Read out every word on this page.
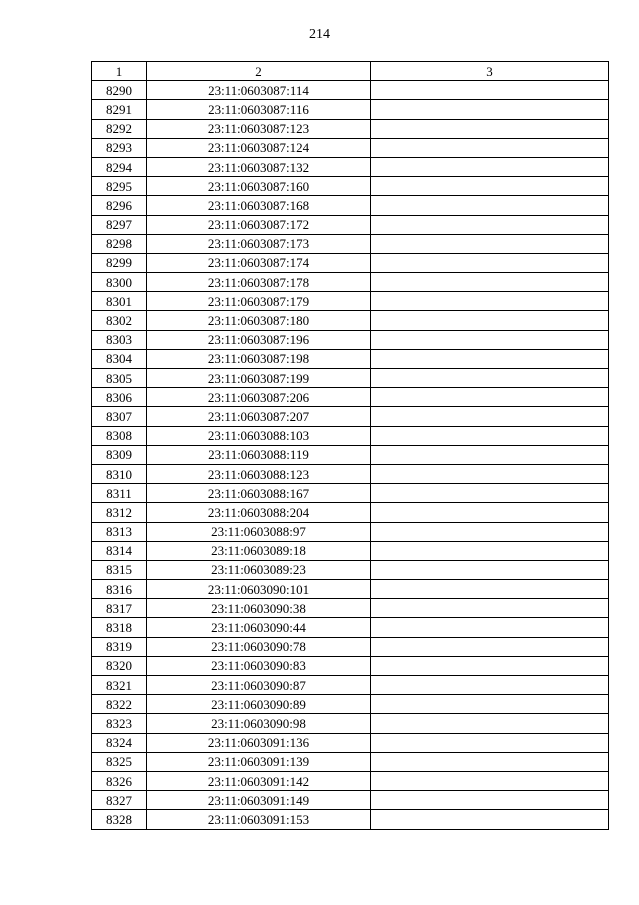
214
1	2	3
8290	23:11:0603087:114	
8291	23:11:0603087:116	
8292	23:11:0603087:123	
8293	23:11:0603087:124	
8294	23:11:0603087:132	
8295	23:11:0603087:160	
8296	23:11:0603087:168	
8297	23:11:0603087:172	
8298	23:11:0603087:173	
8299	23:11:0603087:174	
8300	23:11:0603087:178	
8301	23:11:0603087:179	
8302	23:11:0603087:180	
8303	23:11:0603087:196	
8304	23:11:0603087:198	
8305	23:11:0603087:199	
8306	23:11:0603087:206	
8307	23:11:0603087:207	
8308	23:11:0603088:103	
8309	23:11:0603088:119	
8310	23:11:0603088:123	
8311	23:11:0603088:167	
8312	23:11:0603088:204	
8313	23:11:0603088:97	
8314	23:11:0603089:18	
8315	23:11:0603089:23	
8316	23:11:0603090:101	
8317	23:11:0603090:38	
8318	23:11:0603090:44	
8319	23:11:0603090:78	
8320	23:11:0603090:83	
8321	23:11:0603090:87	
8322	23:11:0603090:89	
8323	23:11:0603090:98	
8324	23:11:0603091:136	
8325	23:11:0603091:139	
8326	23:11:0603091:142	
8327	23:11:0603091:149	
8328	23:11:0603091:153	
